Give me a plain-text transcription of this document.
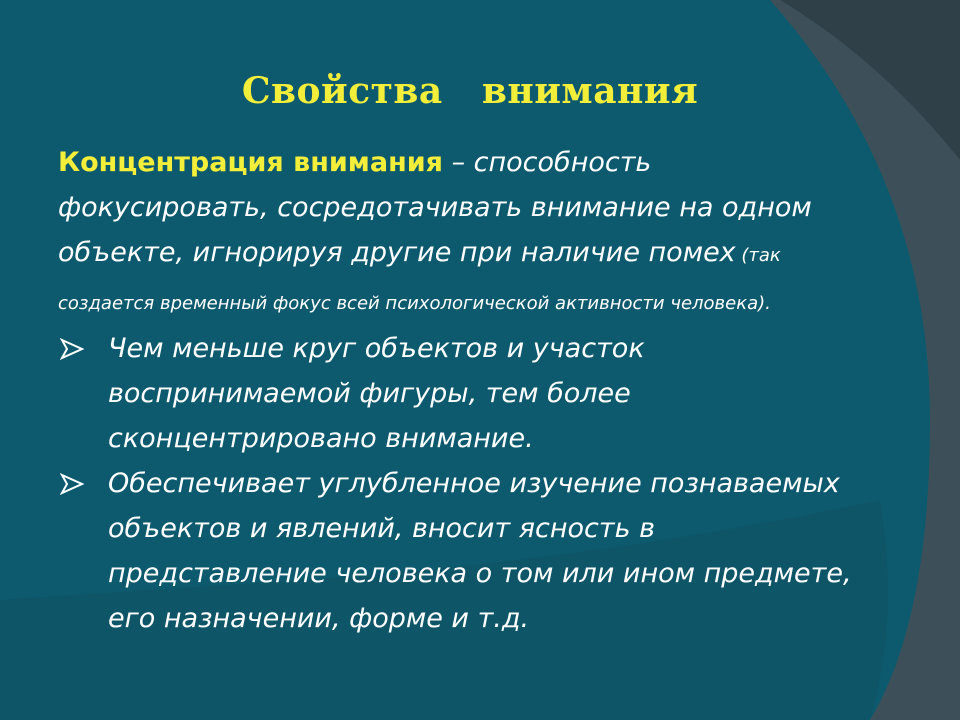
Свойства   внимания

Концентрация внимания – способность фокусировать, сосредотачивать внимание на одном объекте, игнорируя другие при наличие помех (так создается временный фокус всей психологической активности человека).

Чем меньше круг объектов и участок воспринимаемой фигуры, тем более сконцентрировано внимание.
Обеспечивает углубленное изучение познаваемых объектов и явлений, вносит ясность в представление человека о том или ином предмете, его назначении, форме и т.д.
